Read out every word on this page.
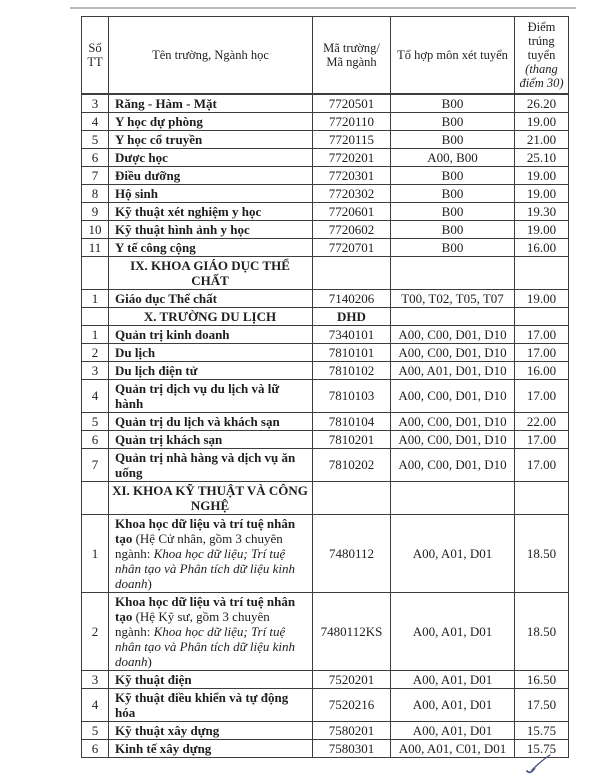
Số TT	Tên trường, Ngành học	Mã trường/ Mã ngành	Tổ hợp môn xét tuyển	Điểm trúng tuyển (thang điểm 30)
3	Răng - Hàm - Mặt	7720501	B00	26.20
4	Y học dự phòng	7720110	B00	19.00
5	Y học cổ truyền	7720115	B00	21.00
6	Dược học	7720201	A00, B00	25.10
7	Điều dưỡng	7720301	B00	19.00
8	Hộ sinh	7720302	B00	19.00
9	Kỹ thuật xét nghiệm y học	7720601	B00	19.30
10	Kỹ thuật hình ảnh y học	7720602	B00	19.00
11	Y tế công cộng	7720701	B00	16.00
	IX. KHOA GIÁO DỤC THỂ CHẤT			
1	Giáo dục Thể chất	7140206	T00, T02, T05, T07	19.00
	X. TRƯỜNG DU LỊCH	DHD		
1	Quản trị kinh doanh	7340101	A00, C00, D01, D10	17.00
2	Du lịch	7810101	A00, C00, D01, D10	17.00
3	Du lịch điện tử	7810102	A00, A01, D01, D10	16.00
4	Quản trị dịch vụ du lịch và lữ hành	7810103	A00, C00, D01, D10	17.00
5	Quản trị du lịch và khách sạn	7810104	A00, C00, D01, D10	22.00
6	Quản trị khách sạn	7810201	A00, C00, D01, D10	17.00
7	Quản trị nhà hàng và dịch vụ ăn uống	7810202	A00, C00, D01, D10	17.00
	XI. KHOA KỸ THUẬT VÀ CÔNG NGHỆ			
1	Khoa học dữ liệu và trí tuệ nhân tạo (Hệ Cử nhân, gồm 3 chuyên ngành: Khoa học dữ liệu; Trí tuệ nhân tạo và Phân tích dữ liệu kinh doanh)	7480112	A00, A01, D01	18.50
2	Khoa học dữ liệu và trí tuệ nhân tạo (Hệ Kỹ sư, gồm 3 chuyên ngành: Khoa học dữ liệu; Trí tuệ nhân tạo và Phân tích dữ liệu kinh doanh)	7480112KS	A00, A01, D01	18.50
3	Kỹ thuật điện	7520201	A00, A01, D01	16.50
4	Kỹ thuật điều khiển và tự động hóa	7520216	A00, A01, D01	17.50
5	Kỹ thuật xây dựng	7580201	A00, A01, D01	15.75
6	Kinh tế xây dựng	7580301	A00, A01, C01, D01	15.75
